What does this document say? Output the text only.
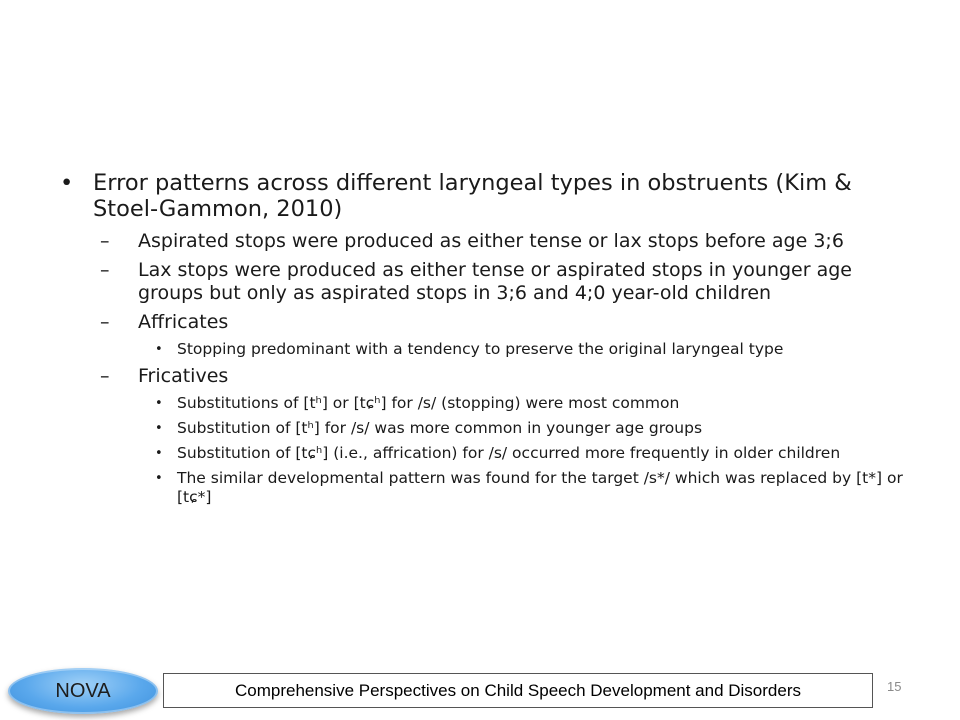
• Error patterns across different laryngeal types in obstruents (Kim & Stoel-Gammon, 2010)
– Aspirated stops were produced as either tense or lax stops before age 3;6
– Lax stops were produced as either tense or aspirated stops in younger age groups but only as aspirated stops in 3;6 and 4;0 year-old children
– Affricates
• Stopping predominant with a tendency to preserve the original laryngeal type
– Fricatives
• Substitutions of [tʰ] or [tɕʰ] for /s/ (stopping) were most common
• Substitution of [tʰ] for /s/ was more common in younger age groups
• Substitution of [tɕʰ] (i.e., affrication) for /s/ occurred more frequently in older children
• The similar developmental pattern was found for the target /s*/ which was replaced by [t*] or [tɕ*]
NOVA	Comprehensive Perspectives on Child Speech Development and Disorders	15
